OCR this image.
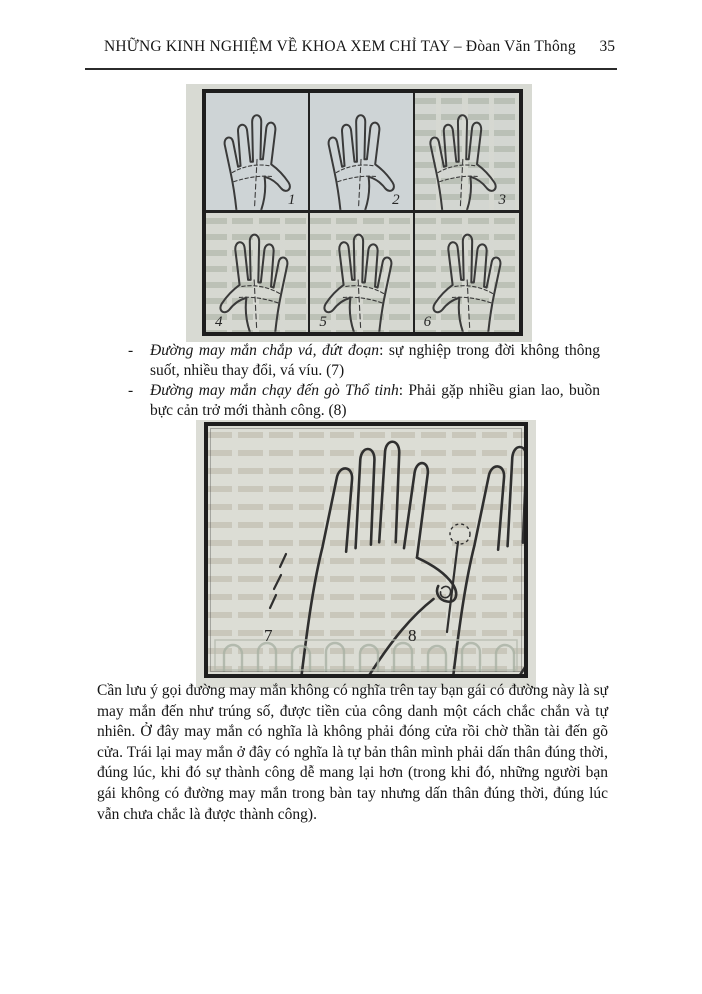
NHỮNG KINH NGHIỆM VỀ KHOA XEM CHỈ TAY – Đòan Văn Thông	35
1	2	3
4	5	6
-	Đường may mắn chắp vá, đứt đoạn: sự nghiệp trong đời không thông suốt, nhiều thay đổi, vá víu. (7)
-	Đường may mắn chạy đến gò Thổ tinh: Phải gặp nhiều gian lao, buồn bực cản trở mới thành công. (8)
7	8

Cần lưu ý gọi đường may mắn không có nghĩa trên tay bạn gái có đường này là sự may mắn đến như trúng số, được tiền của công danh một cách chắc chắn và tự nhiên. Ở đây may mắn có nghĩa là không phải đóng cửa rồi chờ thần tài đến gõ cửa. Trái lại may mắn ở đây có nghĩa là tự bản thân mình phải dấn thân đúng thời, đúng lúc, khi đó sự thành công dễ mang lại hơn (trong khi đó, những người bạn gái không có đường may mắn trong bàn tay nhưng dấn thân đúng thời, đúng lúc vẫn chưa chắc là được thành công).
